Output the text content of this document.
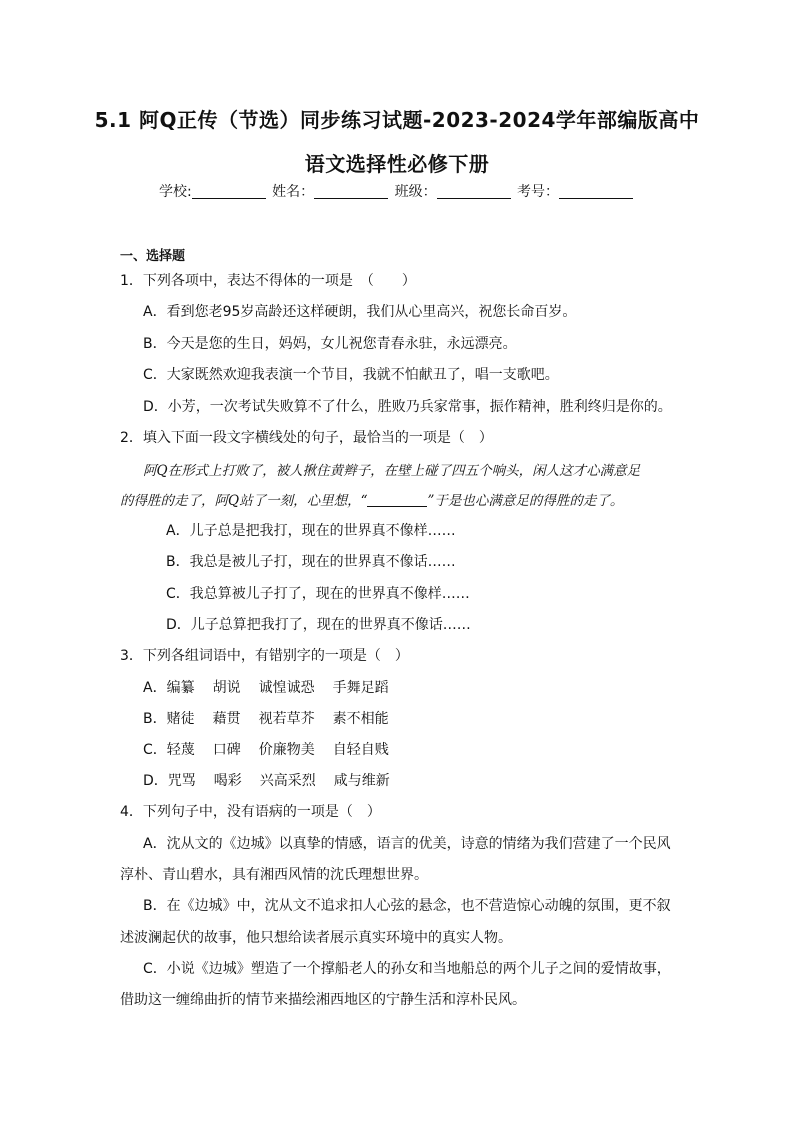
5.1 阿Q正传（节选）同步练习试题-2023-2024学年部编版高中
语文选择性必修下册
学校:	姓名：	班级：	考号：
一、选择题
1．下列各项中，表达不得体的一项是　（　　）
A．看到您老95岁高龄还这样硬朗，我们从心里高兴，祝您长命百岁。
B．今天是您的生日，妈妈，女儿祝您青春永驻，永远漂亮。
C．大家既然欢迎我表演一个节目，我就不怕献丑了，唱一支歌吧。
D．小芳，一次考试失败算不了什么，胜败乃兵家常事，振作精神，胜利终归是你的。
2．填入下面一段文字横线处的句子，最恰当的一项是（　）
阿Q在形式上打败了，被人揪住黄辫子，在壁上碰了四五个响头，闲人这才心满意足
的得胜的走了，阿Q站了一刻，心里想，“	”于是也心满意足的得胜的走了。
A．儿子总是把我打，现在的世界真不像样……
B．我总是被儿子打，现在的世界真不像话……
C．我总算被儿子打了，现在的世界真不像样……
D．儿子总算把我打了，现在的世界真不像话……
3．下列各组词语中，有错别字的一项是（　）
A．编纂 胡说 诚惶诚恐 手舞足蹈
B．赌徒 藉贯 视若草芥 素不相能
C．轻蔑 口碑 价廉物美 自轻自贱
D．咒骂 喝彩 兴高采烈 咸与维新
4．下列句子中，没有语病的一项是（　）
A．沈从文的《边城》以真挚的情感，语言的优美，诗意的情绪为我们营建了一个民风
淳朴、青山碧水，具有湘西风情的沈氏理想世界。
B．在《边城》中，沈从文不追求扣人心弦的悬念，也不营造惊心动魄的氛围，更不叙
述波澜起伏的故事，他只想给读者展示真实环境中的真实人物。
C．小说《边城》塑造了一个撑船老人的孙女和当地船总的两个儿子之间的爱情故事，
借助这一缠绵曲折的情节来描绘湘西地区的宁静生活和淳朴民风。
